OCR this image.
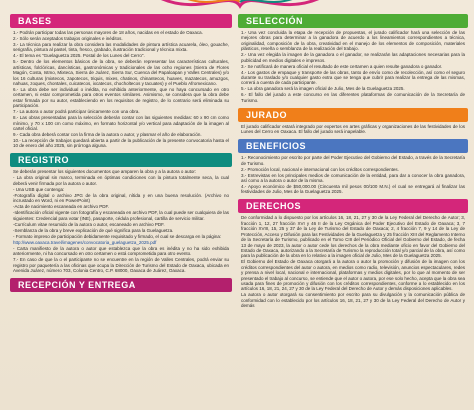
BASES

1.- Podrán participar todas las personas mayores de 18 años, nacidas en el estado de Oaxaca.

2.- Sólo serán aceptados trabajos originales e inéditos.

3.- La técnica para realizar la obra considera las modalidades de pintura artística acuarela, óleo, gouache, serigrafía, pintura al pastel, tinta, fresco, grabado, ilustración tradicional y técnica mixta.

4.- El tema es "Guelaguetza 2025. Postal de los Lunes del Cerro".

5.- Dentro de los elementos básicos de la obra, se deberán representar las características culturales, artísticas, folclóricas, dancísticas, gastronómicas y tradicionales de las ocho regiones (Sierra de Flores Magón, Costa, Istmo, Mixteca, Sierra de Juárez, Sierra Sur, Cuenca del Papaloapan y Valles Centrales) y/o los 16 culturas (mixtecos, zapotecos, triquis, mixes, chatinos, chinantecos, huaves, mazatecos, amuzgos, nahuas, zoques, chontales, cuicatecos, ixcatecos, chocholtecos y tacuates) y el Pueblo Afromexicano.

6.- La obra debe ser individual o inédita, no exhibida anteriormente, que no haya concursado en otro certamen, ni estar comprometida para otros eventos similares. Asimismo, se considera que la obra debe estar firmada por su autor, estableciendo en los requisitos de registro, de lo contrario será eliminada su participación.

7.- La autora o autor podrá participar únicamente con una obra.

8.- Las obras presentadas para la selección deberán contar con las siguientes medidas: 60 x 90 cm como mínimo, y 70 x 100 cm como máximo, en formato horizontal y/o vertical para adaptación de la imagen al cartel oficial.

9.- Cada obra deberá contar con la firma de la autora o autor, y plasmar el año de elaboración.

10.- La recepción de trabajos quedará abierta a partir de la publicación de la presente convocatoria hasta el 10 de enero del año 2025, sin prórroga alguna.

REGISTRO

Se deberán presentar los siguientes documentos que amparen la obra y a la autora o autor:

- La obra original sin marco, terminada en óptimas condiciones con la pintura totalmente seca, la cual deberá venir firmada por la autora o autor.

- Una USB que contenga:

-Fotografía digital o archivo JPG de la obra original, nítida y en una buena resolución. (Archivo no incrustado en Word, ni en PowerPoint)

-Acta de nacimiento escaneada en archivo PDF.

-Identificación oficial vigente con fotografía y escaneada en archivo PDF, la cual puede ser cualquiera de las siguientes: Credencial para votar (INE), pasaporte, cédula profesional, cartilla de servicio militar.

-Currículum vitae resumido de la autora o autor, escaneado en archivo PDF.

-Semblanza de la obra y breve explicación de qué significa para la Guelaguetza.

- Formato impreso de participación debidamente requisitado y firmado, el cual se descarga en la página:

http://www.oaxaca.travel/imagenes/convocatoria_guelaguetza_2025.pdf

- Carta manifiesto de la autora o autor que establezca que la obra es inédita y no ha sido exhibida anteriormente, ni ha concursado en otro certamen o está comprometida para otro evento.

7.- En caso de que la o el participante no se encuentre en la región de Valles Centrales, podrá enviar su registro por paquetería a las oficinas que ocupa la Dirección de Turismo del Estado de Oaxaca, ubicada en Avenida Juárez, número 703, Colonia Centro, C.P. 68000, Oaxaca de Juárez, Oaxaca.

RECEPCIÓN Y ENTREGA
SELECCIÓN

1.- Una vez concluida la etapa de recepción de propuestas, el jurado calificador hará una selección de las mejores obras para determinar a la ganadora de acuerdo a los lineamientos correspondientes a técnica, originalidad, composición de la obra, creatividad en el manejo de los elementos de composición, materiales plásticos, reseña o semblanza de la realización del trabajo.

2.- Una vez elegida la imagen de la ganadora o el ganador, se realizarán las adaptaciones necesarias para la publicidad en medios digitales e impresos.

3.- Se notificará de manera oficial el resultado de este certamen a quien resulte ganadora o ganador.

4.- Los gastos de empaque y transporte de las obras, tanto de envío como de recolección, así como el seguro durante su traslado y/o cualquier gasto extra que se tenga que cubrir para realizar la entrega de las mismas, correrá a cuenta de cada participante.

5.- La obra ganadora será la imagen oficial de Julio, Mes de la Guelaguetza 2025.

6.- El fallo del jurado a este concurso en las diferentes plataformas de comunicación de la Secretaría de Turismo.

JURADO

El jurado calificador estará integrado por expertos en artes gráficas y organizaciones de las festividades de los Lunes del Cerro en Oaxaca. El fallo del jurado será inapelable.

BENEFICIOS

1.- Reconocimiento por escrito por parte del Poder Ejecutivo del Gobierno del Estado, a través de la Secretaría de Turismo.

2.- Promoción local, nacional e internacional con los créditos correspondientes.

3.- Entrevistas en los principales medios de comunicación de la entidad, para dar a conocer la obra ganadora, así como a la autora o autor de la misma.

4.- Apoyo económico de $50,000.00 (Cincuenta mil pesos 00/100 M.N.) el cual se entregará al finalizar las festividades de Julio, Mes de la Guelaguetza 2025.

DERECHOS

De conformidad a lo dispuesto por los artículos 16, 18, 21, 27 y 30 de la Ley Federal del Derecho de Autor; 3, fracción 1, 12, 27 fracción XVI y 46 II de la Ley Orgánica del Poder Ejecutivo del Estado de Oaxaca; 3, 7 fracción XVIII, 15, 25 y 37 de la Ley de Turismo del Estado de Oaxaca; 2, 4 fracción 7, 9 y 14 de la Ley de Protección, Acceso y Difusión para las Festividades de la Guelaguetza y 25 fracción XIII del Reglamento Interno de la Secretaría de Turismo, publicado en el Tomo CIII del Periódico Oficial del Gobierno del Estado, de fecha 13 de mayo de 2023, la autor o autor cede los derechos de la obra mediante oficio en favor del Gobierno del Estado de Oaxaca, autorizando a la Secretaría de Turismo la reproducción total y/o parcial de la obra, así como para la publicación de la obra en lo relativo a la imagen oficial de Julio, Mes de la Guelaguetza 2025.

El Gobierno del Estado de Oaxaca otorgará a la autora o autor la promoción y difusión de la imagen con los créditos correspondientes del autor o autora, en medios como radio, televisión, anuncios espectaculares, redes y prensa a nivel local, nacional e internacional, plataformas y medios digitales, por lo que al momento de ser presentado el trabajo al concurso, se entiende que el autor o autora, por ese solo hecho, acepta que la obra sea usada para fines de promoción y difusión con los créditos correspondientes, conforme a lo establecido en los artículos 16, 18, 21, 24, 27 y 30 de la Ley Federal del Derecho de Autor y demás disposiciones aplicables.

La autora o autor otorgará su consentimiento por escrito para su divulgación y la comunicación pública de conformidad con lo establecido por los artículos 16, 18, 21, 27 y 30 de la Ley Federal del Derecho de Autor y demás
